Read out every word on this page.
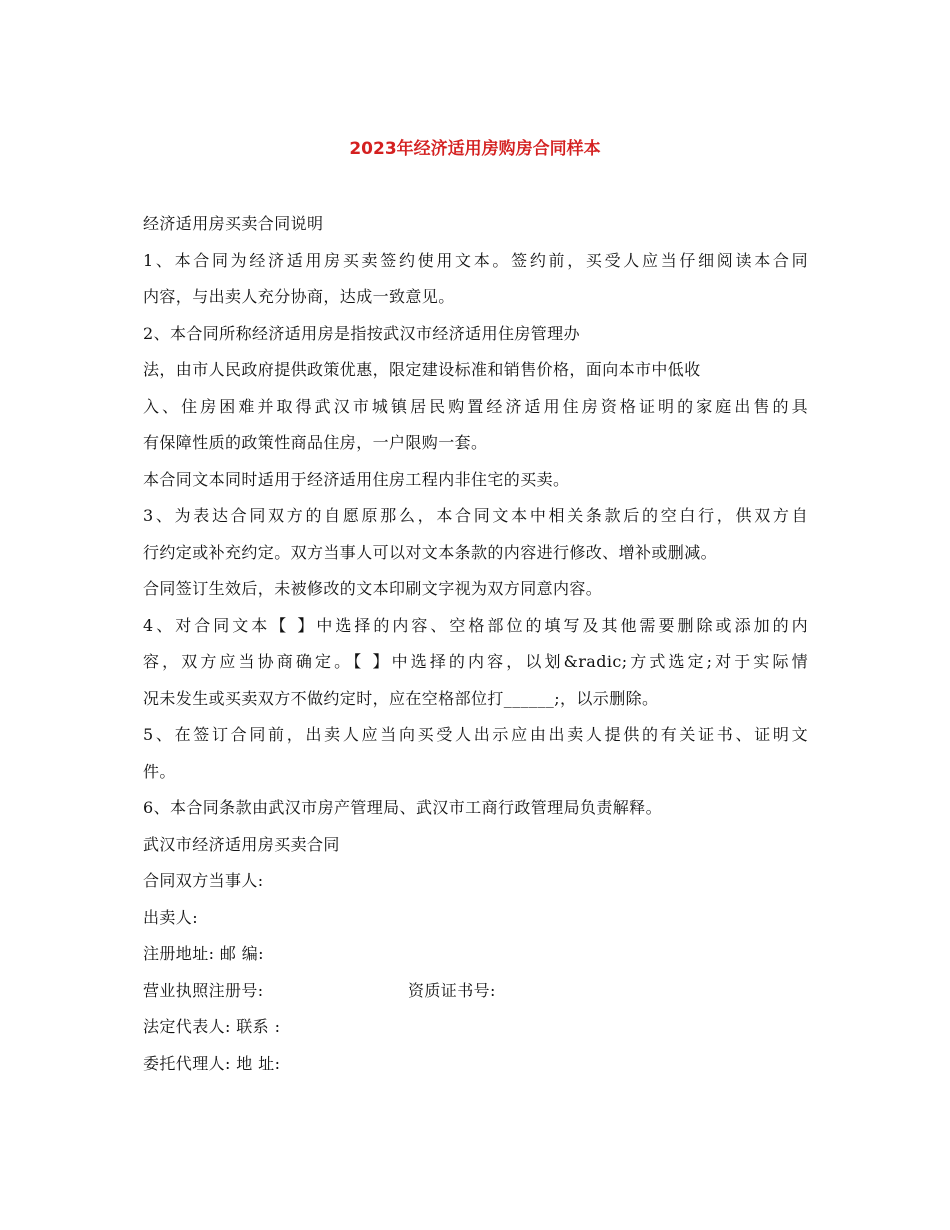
2023年经济适用房购房合同样本
经济适用房买卖合同说明
1、本合同为经济适用房买卖签约使用文本。签约前，买受人应当仔细阅读本合同
内容，与出卖人充分协商，达成一致意见。
2、本合同所称经济适用房是指按武汉市经济适用住房管理办
法，由市人民政府提供政策优惠，限定建设标准和销售价格，面向本市中低收
入、住房困难并取得武汉市城镇居民购置经济适用住房资格证明的家庭出售的具
有保障性质的政策性商品住房，一户限购一套。
本合同文本同时适用于经济适用住房工程内非住宅的买卖。
3、为表达合同双方的自愿原那么，本合同文本中相关条款后的空白行，供双方自
行约定或补充约定。双方当事人可以对文本条款的内容进行修改、增补或删减。
合同签订生效后，未被修改的文本印刷文字视为双方同意内容。
4、对合同文本【 】中选择的内容、空格部位的填写及其他需要删除或添加的内
容，双方应当协商确定。【 】中选择的内容，以划&radic;方式选定;对于实际情
况未发生或买卖双方不做约定时，应在空格部位打______;，以示删除。
5、在签订合同前，出卖人应当向买受人出示应由出卖人提供的有关证书、证明文
件。
6、本合同条款由武汉市房产管理局、武汉市工商行政管理局负责解释。
武汉市经济适用房买卖合同
合同双方当事人:
出卖人:
注册地址: 邮 编:
营业执照注册号:	资质证书号:
法定代表人: 联系 :
委托代理人: 地 址:
